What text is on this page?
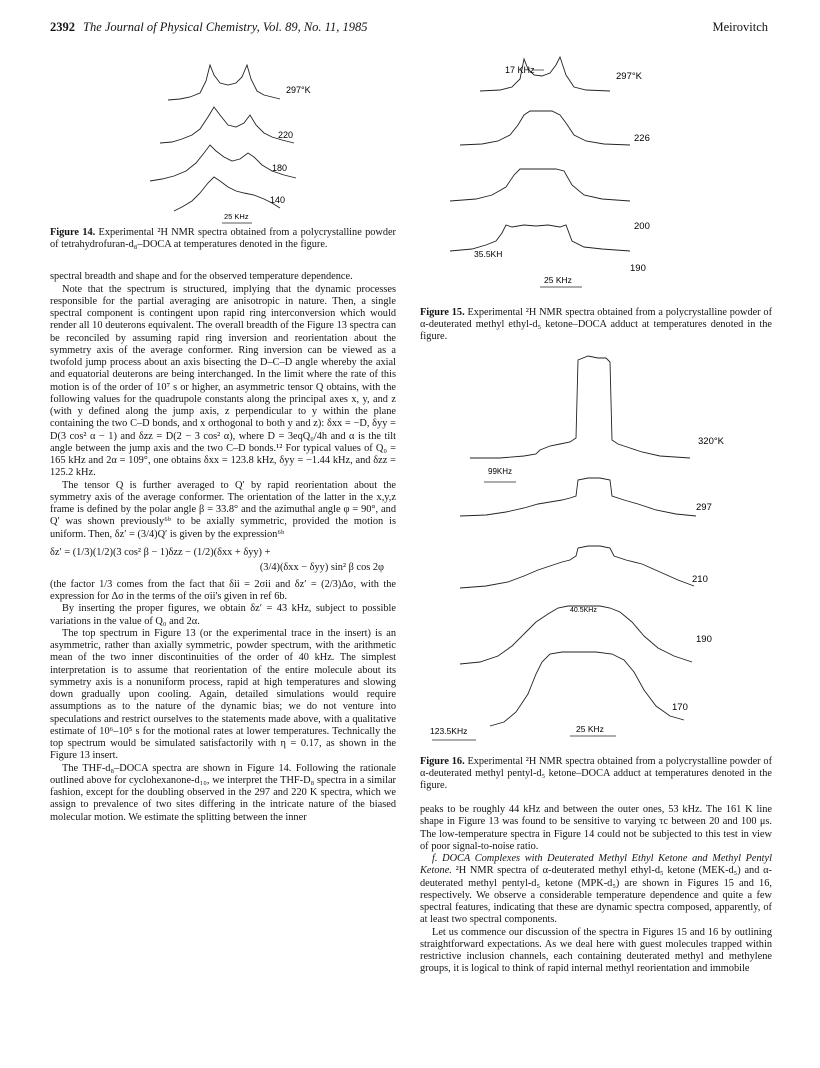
2392 The Journal of Physical Chemistry, Vol. 89, No. 11, 1985	Meirovitch
297°K
220
180
140
25 KHz

Figure 14. Experimental ²H NMR spectra obtained from a polycrystalline powder of tetrahydrofuran-d₈–DOCA at temperatures denoted in the figure.

spectral breadth and shape and for the observed temperature dependence.

Note that the spectrum is structured, implying that the dynamic processes responsible for the partial averaging are anisotropic in nature. Then, a single spectral component is contingent upon rapid ring interconversion which would render all 10 deuterons equivalent. The overall breadth of the Figure 13 spectra can be reconciled by assuming rapid ring inversion and reorientation about the symmetry axis of the average conformer. Ring inversion can be viewed as a twofold jump process about an axis bisecting the D–C–D angle whereby the axial and equatorial deuterons are being interchanged. In the limit where the rate of this motion is of the order of 10⁷ s or higher, an asymmetric tensor Q obtains, with the following values for the quadrupole constants along the principal axes x, y, and z (with y defined along the jump axis, z perpendicular to y within the plane containing the two C–D bonds, and x orthogonal to both y and z): δxx = −D, δyy = D(3 cos² α − 1) and δzz = D(2 − 3 cos² α), where D = 3eqQ₀/4h and α is the tilt angle between the jump axis and the two C–D bonds.¹² For typical values of Q₀ = 165 kHz and 2α = 109°, one obtains δxx = 123.8 kHz, δyy = −1.44 kHz, and δzz = 125.2 kHz.

The tensor Q is further averaged to Q′ by rapid reorientation about the symmetry axis of the average conformer. The orientation of the latter in the x,y,z frame is defined by the polar angle β = 33.8° and the azimuthal angle φ = 90°, and Q′ was shown previously⁶ᵇ to be axially symmetric, provided the motion is uniform. Then, δz′ = (3/4)Q′ is given by the expression⁶ᵇ

δz′ = (1/3)(1/2)(3 cos² β − 1)δzz − (1/2)(δxx + δyy) +
(3/4)(δxx − δyy) sin² β cos 2φ

(the factor 1/3 comes from the fact that δii = 2σii and δz′ = (2/3)Δσ, with the expression for Δσ in the terms of the σii's given in ref 6b.

By inserting the proper figures, we obtain δz′ = 43 kHz, subject to possible variations in the value of Q₀ and 2α.

The top spectrum in Figure 13 (or the experimental trace in the insert) is an asymmetric, rather than axially symmetric, powder spectrum, with the arithmetic mean of the two inner discontinuities of the order of 40 kHz. The simplest interpretation is to assume that reorientation of the entire molecule about its symmetry axis is a nonuniform process, rapid at high temperatures and slowing down gradually upon cooling. Again, detailed simulations would require assumptions as to the nature of the dynamic bias; we do not venture into speculations and restrict ourselves to the statements made above, with a qualitative estimate of 10⁶–10⁵ s for the motional rates at lower temperatures. Technically the top spectrum would be simulated satisfactorily with η = 0.17, as shown in the Figure 13 insert.

The THF-d₈–DOCA spectra are shown in Figure 14. Following the rationale outlined above for cyclohexanone-d₁₀, we interpret the THF-D₈ spectra in a similar fashion, except for the doubling observed in the 297 and 220 K spectra, which we assign to prevalence of two sites differing in the intricate nature of the biased molecular motion. We estimate the splitting between the inner

17 KHz
297°K
226
200
190
35.5KH
25 KHz

Figure 15. Experimental ²H NMR spectra obtained from a polycrystalline powder of α-deuterated methyl ethyl-d₅ ketone–DOCA adduct at temperatures denoted in the figure.

320°K
297
210
190
170
99KHz
40.5KHz
123.5KHz	25 KHz

Figure 16. Experimental ²H NMR spectra obtained from a polycrystalline powder of α-deuterated methyl pentyl-d₅ ketone–DOCA adduct at temperatures denoted in the figure.

peaks to be roughly 44 kHz and between the outer ones, 53 kHz. The 161 K line shape in Figure 13 was found to be sensitive to varying τc between 20 and 100 μs. The low-temperature spectra in Figure 14 could not be subjected to this test in view of poor signal-to-noise ratio.

f. DOCA Complexes with Deuterated Methyl Ethyl Ketone and Methyl Pentyl Ketone. ²H NMR spectra of α-deuterated methyl ethyl-d₅ ketone (MEK-d₅) and α-deuterated methyl pentyl-d₅ ketone (MPK-d₅) are shown in Figures 15 and 16, respectively. We observe a considerable temperature dependence and quite a few spectral features, indicating that these are dynamic spectra composed, apparently, of at least two spectral components.

Let us commence our discussion of the spectra in Figures 15 and 16 by outlining straightforward expectations. As we deal here with guest molecules trapped within restrictive inclusion channels, each containing deuterated methyl and methylene groups, it is logical to think of rapid internal methyl reorientation and immobile
